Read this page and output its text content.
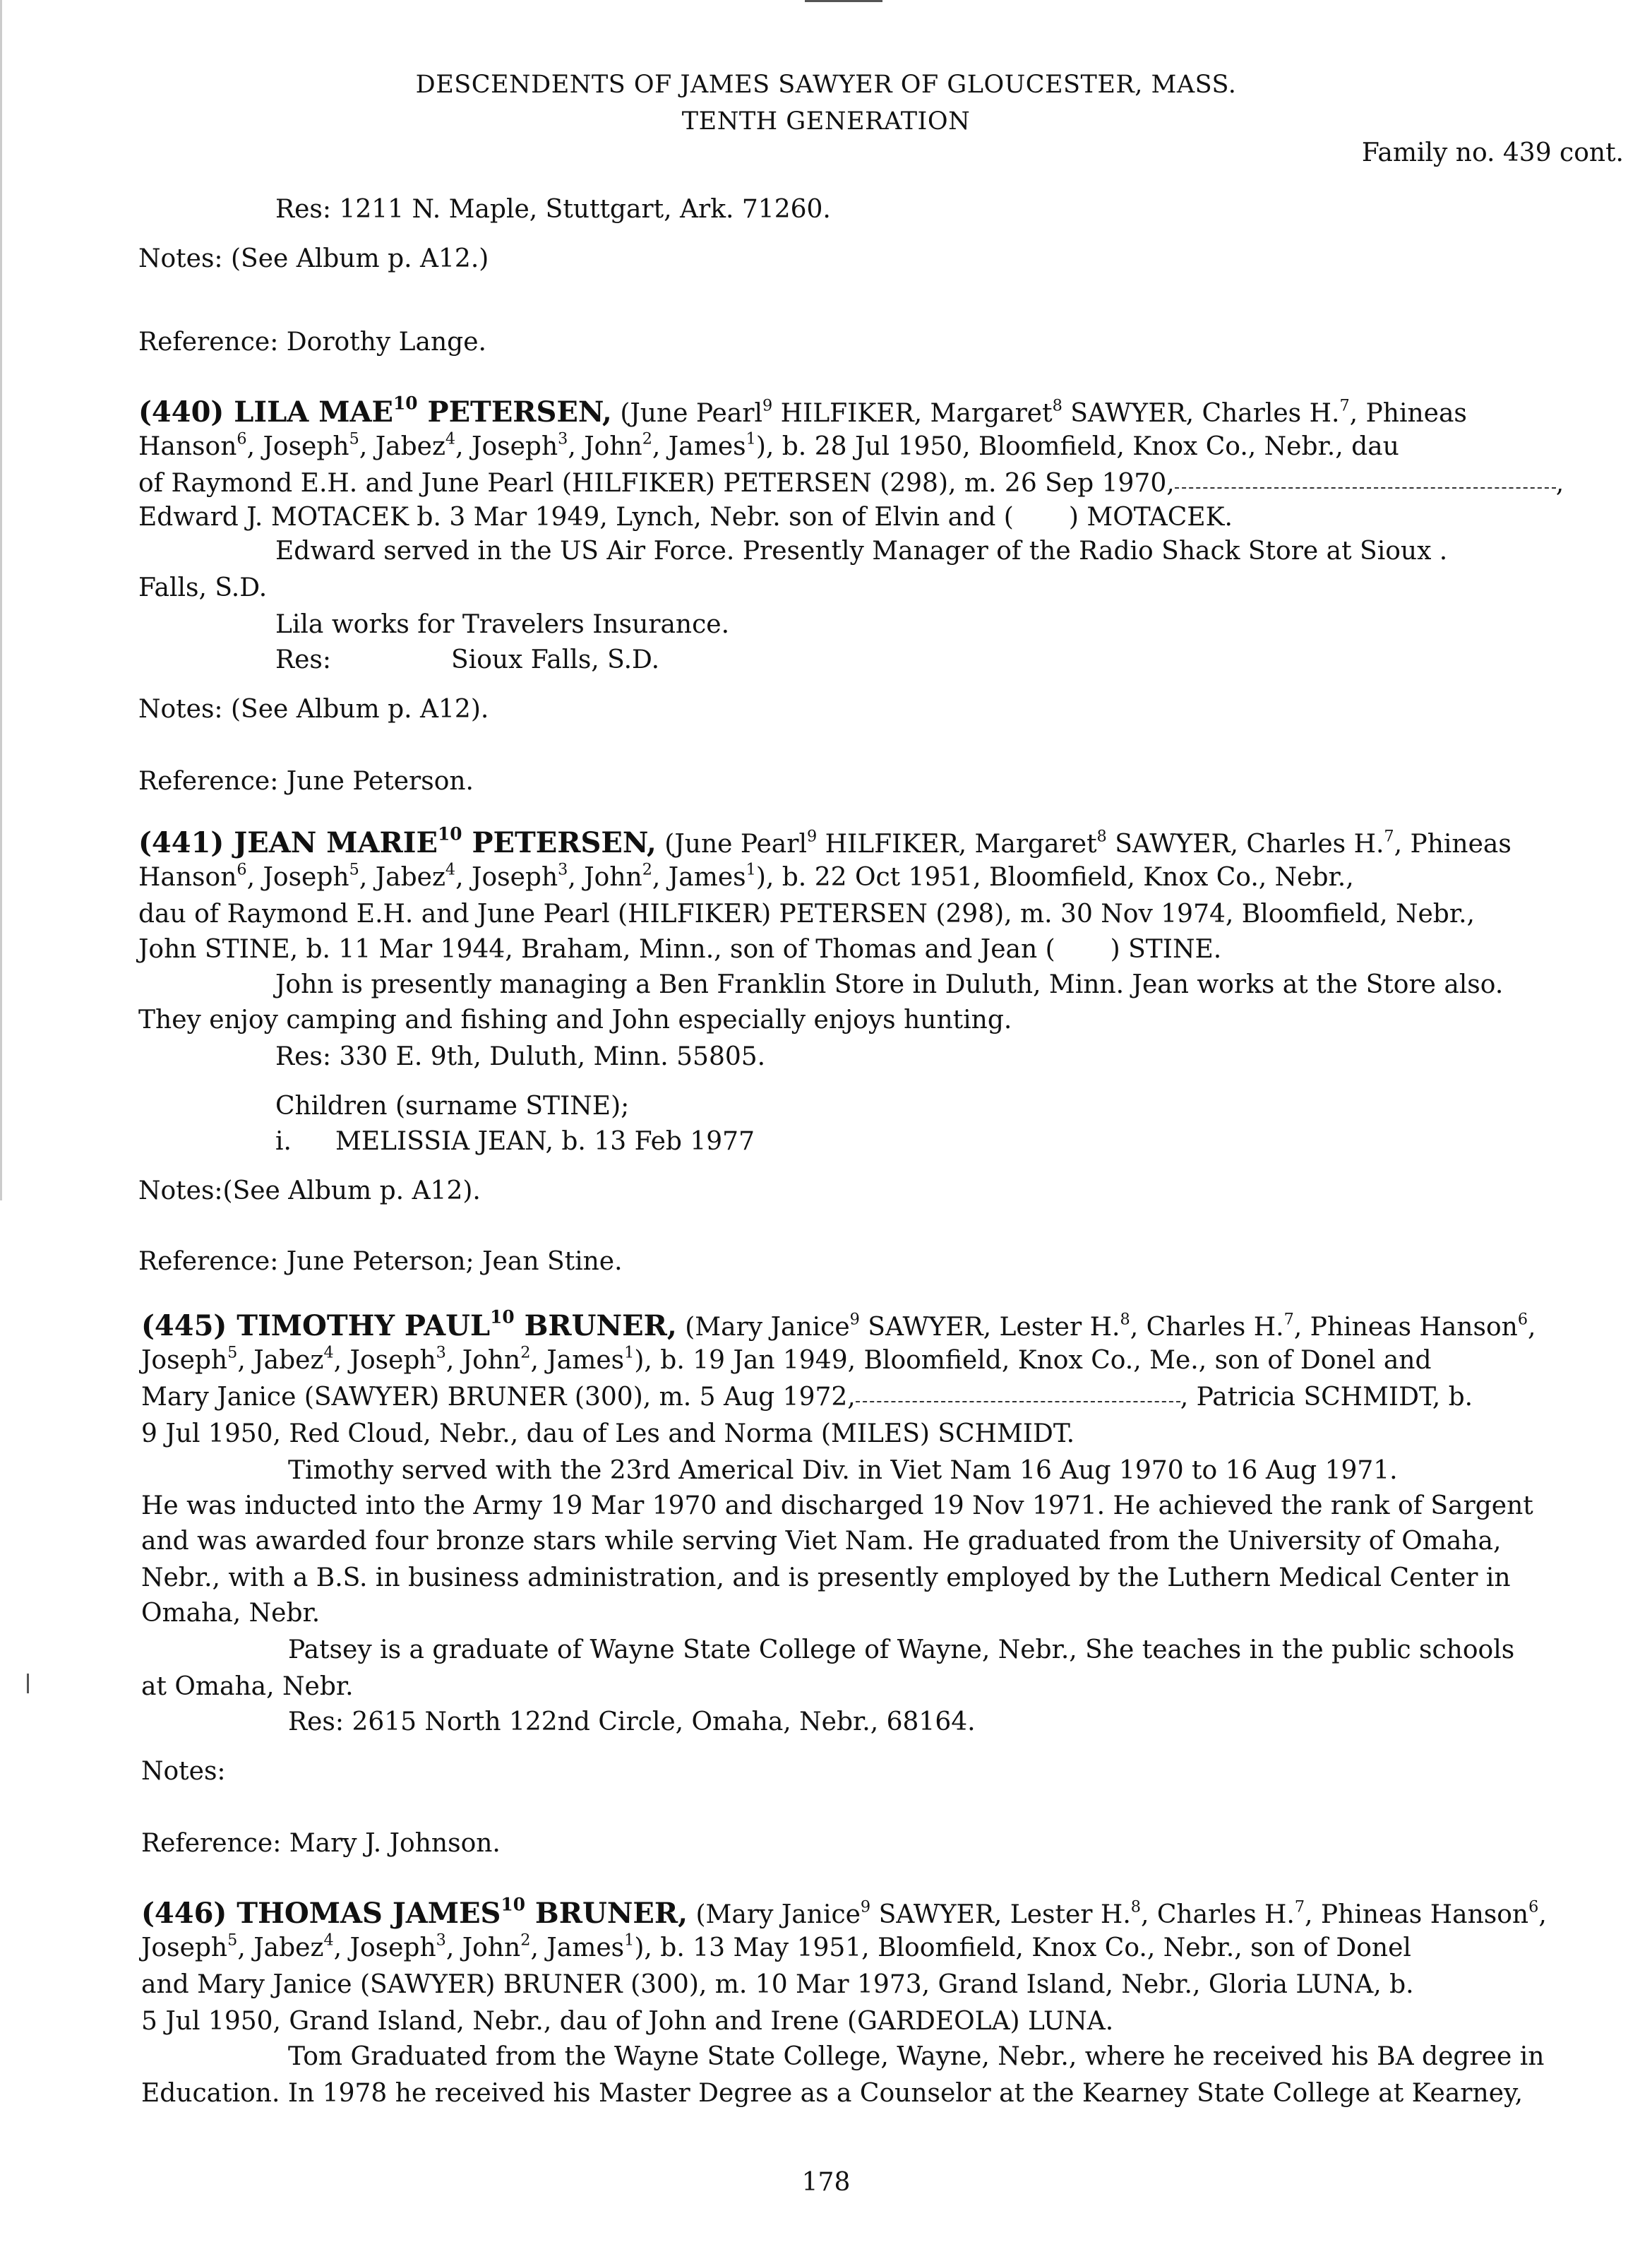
DESCENDENTS OF JAMES SAWYER OF GLOUCESTER, MASS.
TENTH GENERATION
Family no. 439 cont.
Res: 1211 N. Maple, Stuttgart, Ark. 71260.
Notes: (See Album p. A12.)
Reference: Dorothy Lange.
(440) LILA MAE$^{10}$ PETERSEN, (June Pearl$^9$ HILFIKER, Margaret$^8$ SAWYER, Charles H.$^7$, Phineas
Hanson$^6$, Joseph$^5$, Jabez$^4$, Joseph$^3$, John$^2$, James$^1$), b. 28 Jul 1950, Bloomfield, Knox Co., Nebr., dau
of Raymond E.H. and June Pearl (HILFIKER) PETERSEN (298), m. 26 Sep 1970,	,
Edward J. MOTACEK b. 3 Mar 1949, Lynch, Nebr. son of Elvin and ( ) MOTACEK.
Edward served in the US Air Force. Presently Manager of the Radio Shack Store at Sioux .
Falls, S.D.
Lila works for Travelers Insurance.
Res:	Sioux Falls, S.D.
Notes: (See Album p. A12).
Reference: June Peterson.
(441) JEAN MARIE$^{10}$ PETERSEN, (June Pearl$^9$ HILFIKER, Margaret$^8$ SAWYER, Charles H.$^7$, Phineas
Hanson$^6$, Joseph$^5$, Jabez$^4$, Joseph$^3$, John$^2$, James$^1$), b. 22 Oct 1951, Bloomfield, Knox Co., Nebr.,
dau of Raymond E.H. and June Pearl (HILFIKER) PETERSEN (298), m. 30 Nov 1974, Bloomfield, Nebr.,
John STINE, b. 11 Mar 1944, Braham, Minn., son of Thomas and Jean ( ) STINE.
John is presently managing a Ben Franklin Store in Duluth, Minn. Jean works at the Store also.
They enjoy camping and fishing and John especially enjoys hunting.
Res: 330 E. 9th, Duluth, Minn. 55805.
Children (surname STINE);
i. MELISSIA JEAN, b. 13 Feb 1977
Notes:(See Album p. A12).
Reference: June Peterson; Jean Stine.
(445) TIMOTHY PAUL$^{10}$ BRUNER, (Mary Janice$^9$ SAWYER, Lester H.$^8$, Charles H.$^7$, Phineas Hanson$^6$,
Joseph$^5$, Jabez$^4$, Joseph$^3$, John$^2$, James$^1$), b. 19 Jan 1949, Bloomfield, Knox Co., Me., son of Donel and
Mary Janice (SAWYER) BRUNER (300), m. 5 Aug 1972,	, Patricia SCHMIDT, b.
9 Jul 1950, Red Cloud, Nebr., dau of Les and Norma (MILES) SCHMIDT.
Timothy served with the 23rd Americal Div. in Viet Nam 16 Aug 1970 to 16 Aug 1971.
He was inducted into the Army 19 Mar 1970 and discharged 19 Nov 1971. He achieved the rank of Sargent
and was awarded four bronze stars while serving Viet Nam. He graduated from the University of Omaha,
Nebr., with a B.S. in business administration, and is presently employed by the Luthern Medical Center in
Omaha, Nebr.
Patsey is a graduate of Wayne State College of Wayne, Nebr., She teaches in the public schools
at Omaha, Nebr.
Res: 2615 North 122nd Circle, Omaha, Nebr., 68164.
Notes:
Reference: Mary J. Johnson.
(446) THOMAS JAMES$^{10}$ BRUNER, (Mary Janice$^9$ SAWYER, Lester H.$^8$, Charles H.$^7$, Phineas Hanson$^6$,
Joseph$^5$, Jabez$^4$, Joseph$^3$, John$^2$, James$^1$), b. 13 May 1951, Bloomfield, Knox Co., Nebr., son of Donel
and Mary Janice (SAWYER) BRUNER (300), m. 10 Mar 1973, Grand Island, Nebr., Gloria LUNA, b.
5 Jul 1950, Grand Island, Nebr., dau of John and Irene (GARDEOLA) LUNA.
Tom Graduated from the Wayne State College, Wayne, Nebr., where he received his BA degree in
Education. In 1978 he received his Master Degree as a Counselor at the Kearney State College at Kearney,
178
